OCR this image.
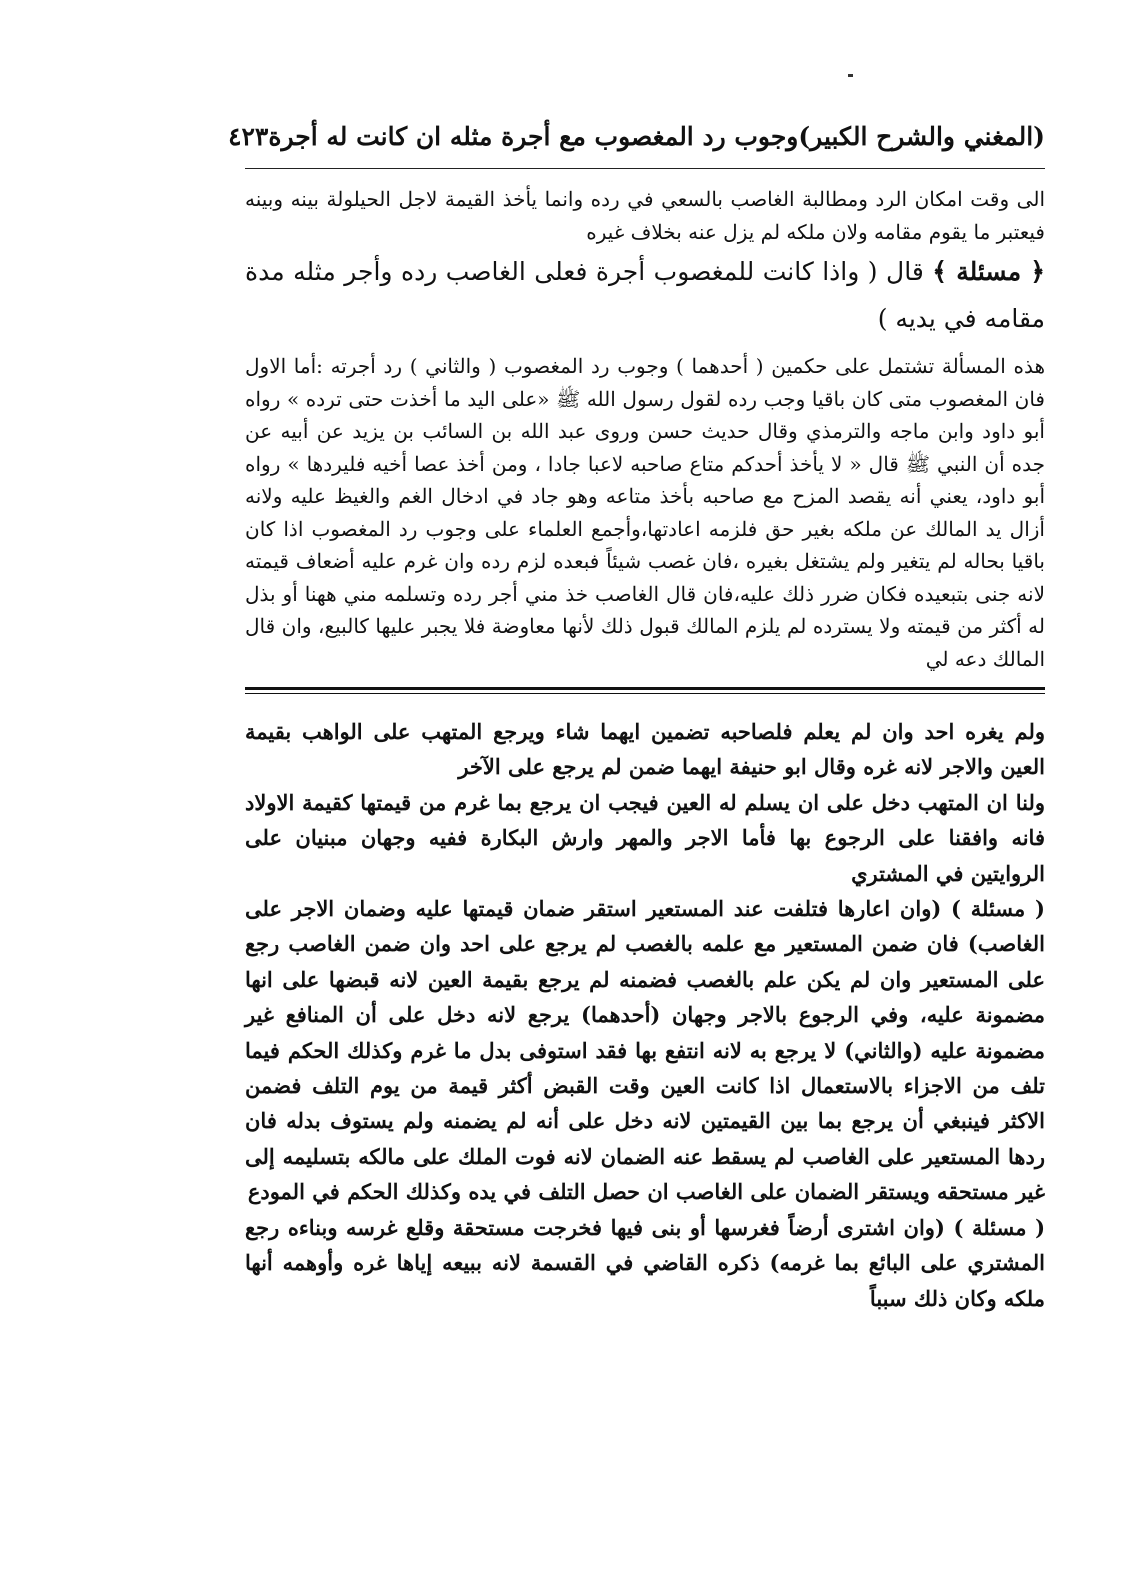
(المغني والشرح الكبير)
وجوب رد المغصوب مع أجرة مثله ان كانت له أجرة
٤٢٣

الى وقت امكان الرد ومطالبة الغاصب بالسعي في رده وانما يأخذ القيمة لاجل الحيلولة بينه وبينه فيعتبر ما يقوم مقامه ولان ملكه لم يزل عنه بخلاف غيره

﴿ مسئلة ﴾ قال ( واذا كانت للمغصوب أجرة فعلى الغاصب رده وأجر مثله مدة مقامه في يديه )

هذه المسألة تشتمل على حكمين ( أحدهما ) وجوب رد المغصوب ( والثاني ) رد أجرته :أما الاول فان المغصوب متى كان باقيا وجب رده لقول رسول الله ﷺ «على اليد ما أخذت حتى ترده » رواه أبو داود وابن ماجه والترمذي وقال حديث حسن وروى عبد الله بن السائب بن يزيد عن أبيه عن جده أن النبي ﷺ قال « لا يأخذ أحدكم متاع صاحبه لاعبا جادا ، ومن أخذ عصا أخيه فليردها » رواه أبو داود، يعني أنه يقصد المزح مع صاحبه بأخذ متاعه وهو جاد في ادخال الغم والغيظ عليه ولانه أزال يد المالك عن ملكه بغير حق فلزمه اعادتها،وأجمع العلماء على وجوب رد المغصوب اذا كان باقيا بحاله لم يتغير ولم يشتغل بغيره ،فان غصب شيئاً فبعده لزم رده وان غرم عليه أضعاف قيمته لانه جنى بتبعيده فكان ضرر ذلك عليه،فان قال الغاصب خذ مني أجر رده وتسلمه مني ههنا أو بذل له أكثر من قيمته ولا يسترده لم يلزم المالك قبول ذلك لأنها معاوضة فلا يجبر عليها كالبيع، وان قال المالك دعه لي

ولم يغره احد وان لم يعلم فلصاحبه تضمين ايهما شاء ويرجع المتهب على الواهب بقيمة العين والاجر لانه غره وقال ابو حنيفة ايهما ضمن لم يرجع على الآخر

ولنا ان المتهب دخل على ان يسلم له العين فيجب ان يرجع بما غرم من قيمتها كقيمة الاولاد فانه وافقنا على الرجوع بها فأما الاجر والمهر وارش البكارة ففيه وجهان مبنيان على الروايتين في المشتري

( مسئلة ) (وان اعارها فتلفت عند المستعير استقر ضمان قيمتها عليه وضمان الاجر على الغاصب) فان ضمن المستعير مع علمه بالغصب لم يرجع على احد وان ضمن الغاصب رجع على المستعير وان لم يكن علم بالغصب فضمنه لم يرجع بقيمة العين لانه قبضها على انها مضمونة عليه، وفي الرجوع بالاجر وجهان (أحدهما) يرجع لانه دخل على أن المنافع غير مضمونة عليه (والثاني) لا يرجع به لانه انتفع بها فقد استوفى بدل ما غرم وكذلك الحكم فيما تلف من الاجزاء بالاستعمال اذا كانت العين وقت القبض أكثر قيمة من يوم التلف فضمن الاكثر فينبغي أن يرجع بما بين القيمتين لانه دخل على أنه لم يضمنه ولم يستوف بدله فان ردها المستعير على الغاصب لم يسقط عنه الضمان لانه فوت الملك على مالكه بتسليمه إلى غير مستحقه ويستقر الضمان على الغاصب ان حصل التلف في يده وكذلك الحكم في المودع

( مسئلة ) (وان اشترى أرضاً فغرسها أو بنى فيها فخرجت مستحقة وقلع غرسه وبناءه رجع المشتري على البائع بما غرمه) ذكره القاضي في القسمة لانه ببيعه إياها غره وأوهمه أنها ملكه وكان ذلك سبباً
